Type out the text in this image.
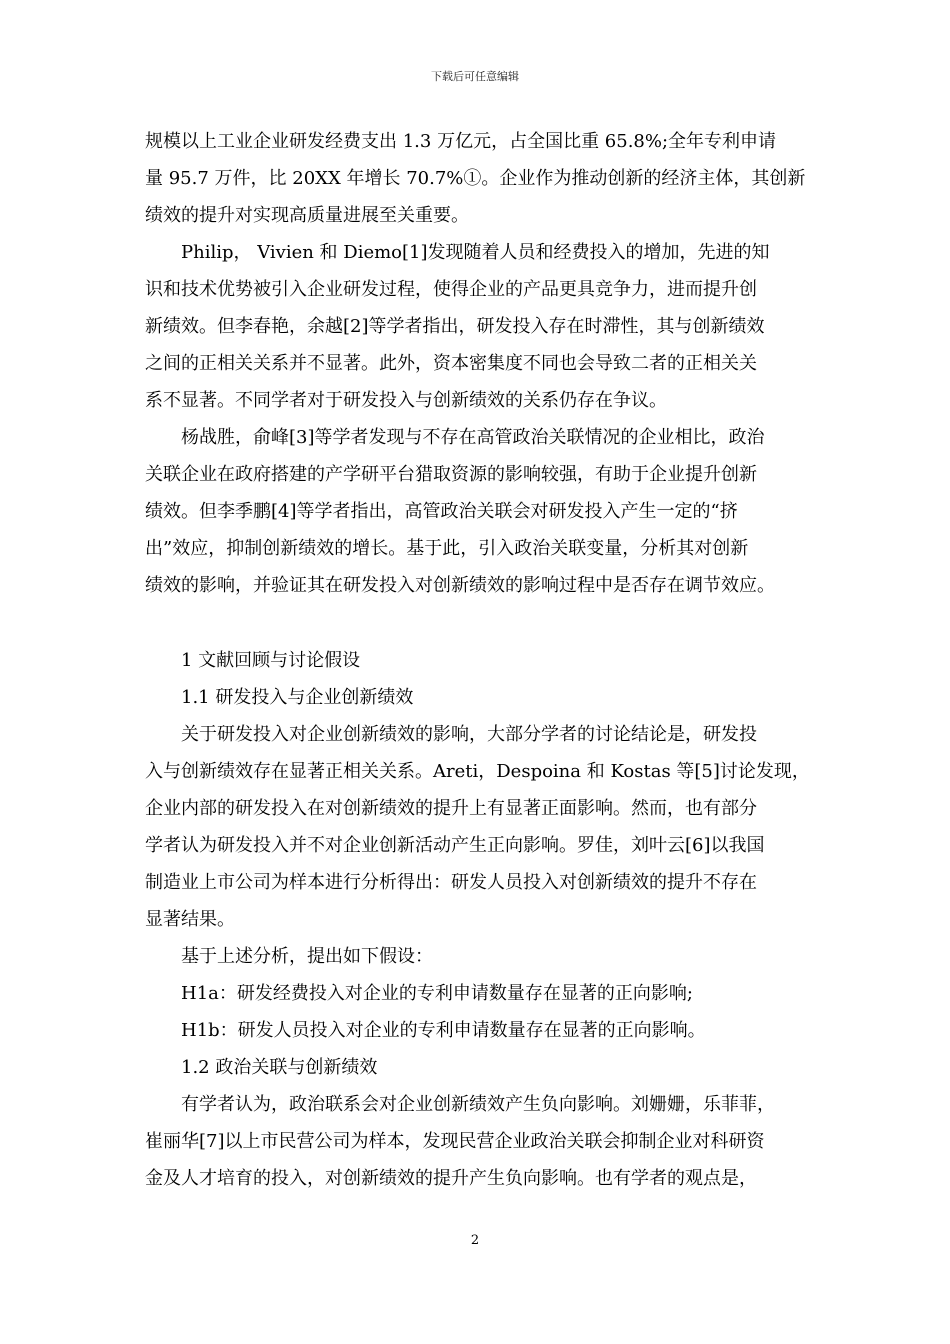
下载后可任意编辑
规模以上工业企业研发经费支出 1.3 万亿元，占全国比重 65.8%;全年专利申请
量 95.7 万件，比 20XX 年增长 70.7%①。企业作为推动创新的经济主体，其创新
绩效的提升对实现高质量进展至关重要。
Philip， Vivien 和 Diemo[1]发现随着人员和经费投入的增加，先进的知
识和技术优势被引入企业研发过程，使得企业的产品更具竞争力，进而提升创
新绩效。但李春艳，余越[2]等学者指出，研发投入存在时滞性，其与创新绩效
之间的正相关关系并不显著。此外，资本密集度不同也会导致二者的正相关关
系不显著。不同学者对于研发投入与创新绩效的关系仍存在争议。
杨战胜，俞峰[3]等学者发现与不存在高管政治关联情况的企业相比，政治
关联企业在政府搭建的产学研平台猎取资源的影响较强，有助于企业提升创新
绩效。但李季鹏[4]等学者指出，高管政治关联会对研发投入产生一定的“挤
出”效应，抑制创新绩效的增长。基于此，引入政治关联变量，分析其对创新
绩效的影响，并验证其在研发投入对创新绩效的影响过程中是否存在调节效应。
1 文献回顾与讨论假设
1.1 研发投入与企业创新绩效
关于研发投入对企业创新绩效的影响，大部分学者的讨论结论是，研发投
入与创新绩效存在显著正相关关系。Areti，Despoina 和 Kostas 等[5]讨论发现，
企业内部的研发投入在对创新绩效的提升上有显著正面影响。然而，也有部分
学者认为研发投入并不对企业创新活动产生正向影响。罗佳，刘叶云[6]以我国
制造业上市公司为样本进行分析得出：研发人员投入对创新绩效的提升不存在
显著结果。
基于上述分析，提出如下假设：
H1a：研发经费投入对企业的专利申请数量存在显著的正向影响;
H1b：研发人员投入对企业的专利申请数量存在显著的正向影响。
1.2 政治关联与创新绩效
有学者认为，政治联系会对企业创新绩效产生负向影响。刘姗姗，乐菲菲，
崔丽华[7]以上市民营公司为样本，发现民营企业政治关联会抑制企业对科研资
金及人才培育的投入，对创新绩效的提升产生负向影响。也有学者的观点是，
2
